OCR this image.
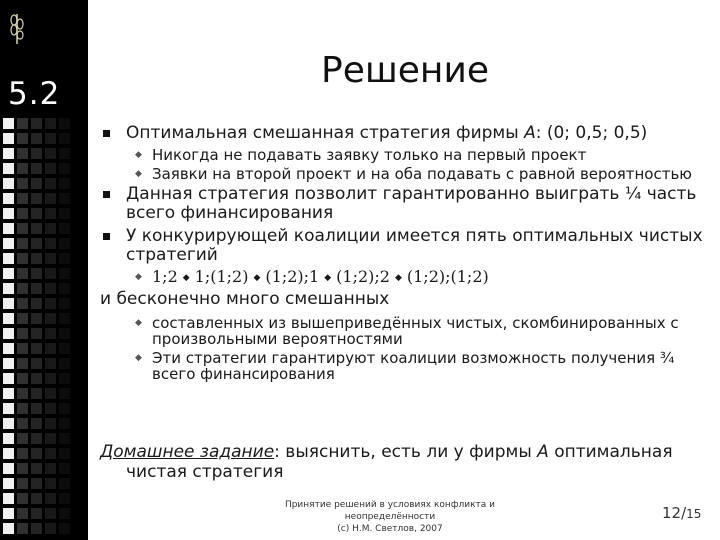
5.2
Решение
Оптимальная смешанная стратегия фирмы A: (0; 0,5; 0,5)
◆ Никогда не подавать заявку только на первый проект
◆ Заявки на второй проект и на оба подавать с равной вероятностью
Данная стратегия позволит гарантированно выиграть ¼ часть всего финансирования
У конкурирующей коалиции имеется пять оптимальных чистых стратегий
◆ 1;2 ◆ 1;(1;2) ◆ (1;2);1 ◆ (1;2);2 ◆ (1;2);(1;2)
и бесконечно много смешанных
◆ составленных из вышеприведённых чистых, скомбинированных с произвольными вероятностями
◆ Эти стратегии гарантируют коалиции возможность получения ¾ всего финансирования
Домашнее задание: выяснить, есть ли у фирмы A оптимальная
чистая стратегия
Принятие решений в условиях конфликта и неопределённости
(c) Н.М. Светлов, 2007
12/15
